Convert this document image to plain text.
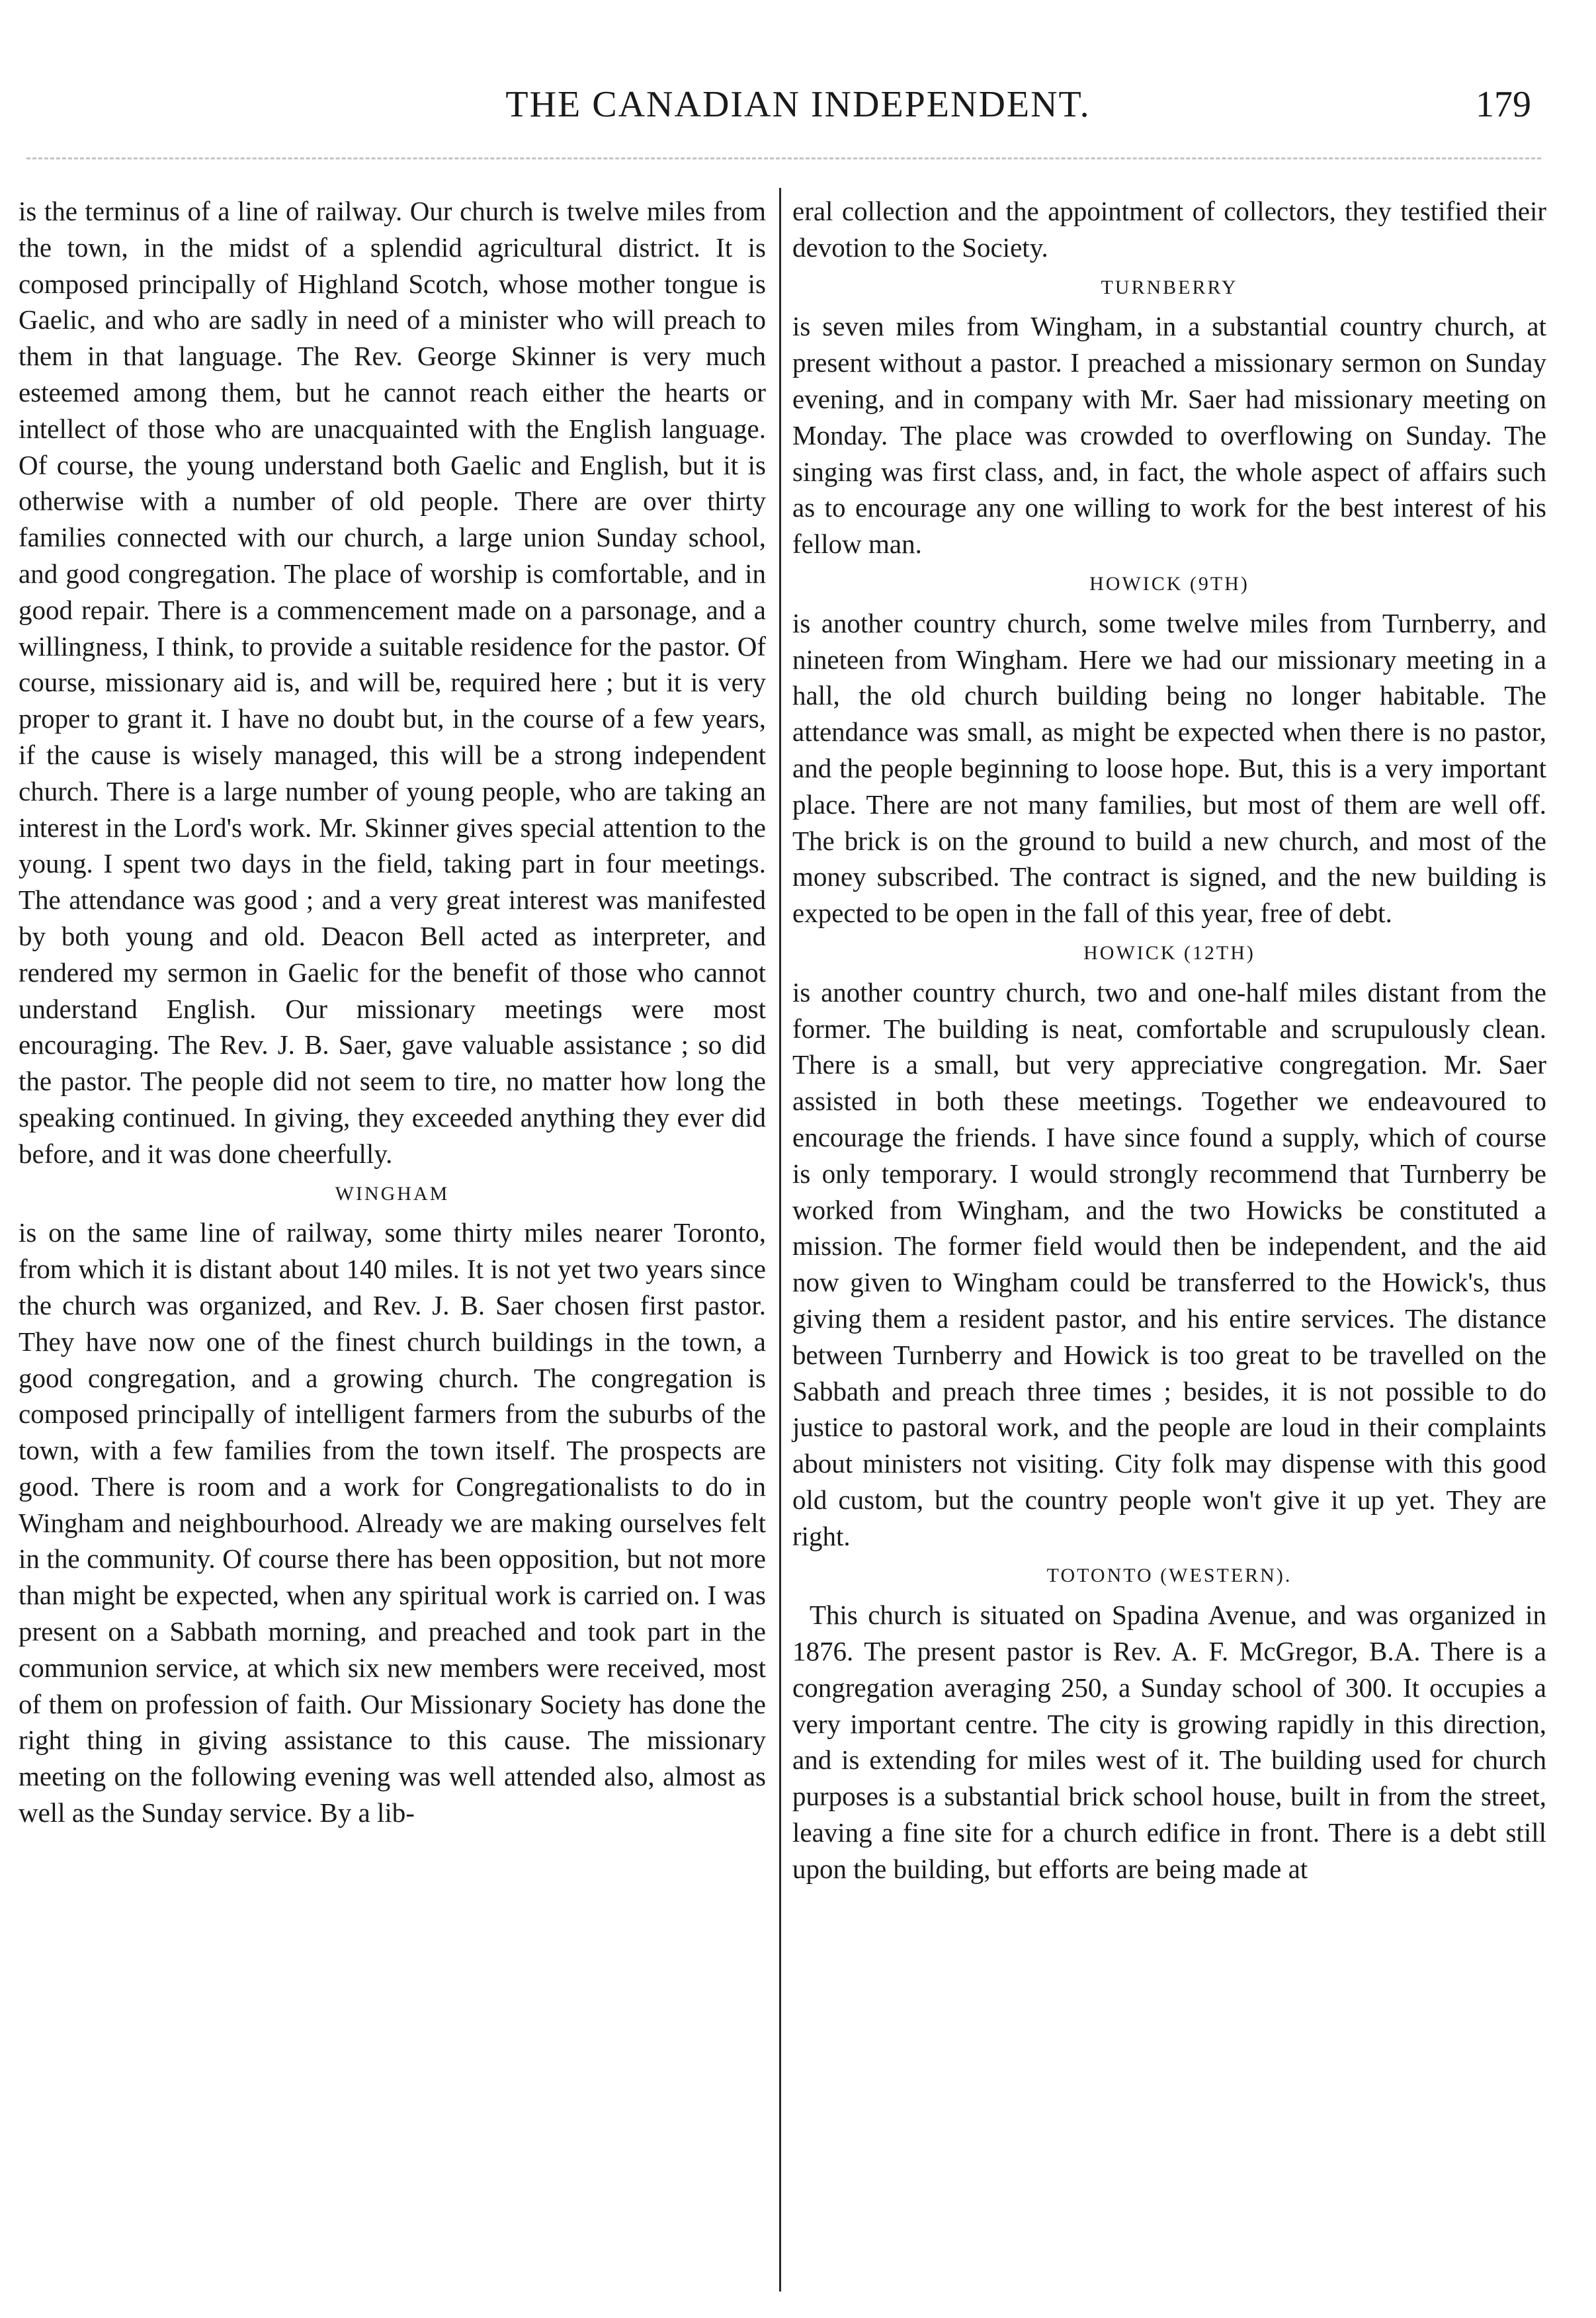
THE CANADIAN INDEPENDENT.	179

is the terminus of a line of railway. Our church is twelve miles from the town, in the midst of a splendid agricultural district. It is composed principally of Highland Scotch, whose mother tongue is Gaelic, and who are sadly in need of a minister who will preach to them in that language. The Rev. George Skinner is very much esteemed among them, but he cannot reach either the hearts or intellect of those who are unacquainted with the English language. Of course, the young understand both Gaelic and English, but it is otherwise with a number of old people. There are over thirty families connected with our church, a large union Sunday school, and good congregation. The place of worship is comfortable, and in good repair. There is a commencement made on a parsonage, and a willingness, I think, to provide a suitable residence for the pastor. Of course, missionary aid is, and will be, required here ; but it is very proper to grant it. I have no doubt but, in the course of a few years, if the cause is wisely managed, this will be a strong independent church. There is a large number of young people, who are taking an interest in the Lord's work. Mr. Skinner gives special attention to the young. I spent two days in the field, taking part in four meetings. The attendance was good ; and a very great interest was manifested by both young and old. Deacon Bell acted as interpreter, and rendered my sermon in Gaelic for the benefit of those who cannot understand English. Our missionary meetings were most encouraging. The Rev. J. B. Saer, gave valuable assistance ; so did the pastor. The people did not seem to tire, no matter how long the speaking continued. In giving, they exceeded anything they ever did before, and it was done cheerfully.

WINGHAM

is on the same line of railway, some thirty miles nearer Toronto, from which it is distant about 140 miles. It is not yet two years since the church was organized, and Rev. J. B. Saer chosen first pastor. They have now one of the finest church buildings in the town, a good congregation, and a growing church. The congregation is composed principally of intelligent farmers from the suburbs of the town, with a few families from the town itself. The prospects are good. There is room and a work for Congregationalists to do in Wingham and neighbourhood. Already we are making ourselves felt in the community. Of course there has been opposition, but not more than might be expected, when any spiritual work is carried on. I was present on a Sabbath morning, and preached and took part in the communion service, at which six new members were received, most of them on profession of faith. Our Missionary Society has done the right thing in giving assistance to this cause. The missionary meeting on the following evening was well attended also, almost as well as the Sunday service. By a lib-

eral collection and the appointment of collectors, they testified their devotion to the Society.

TURNBERRY

is seven miles from Wingham, in a substantial country church, at present without a pastor. I preached a missionary sermon on Sunday evening, and in company with Mr. Saer had missionary meeting on Monday. The place was crowded to overflowing on Sunday. The singing was first class, and, in fact, the whole aspect of affairs such as to encourage any one willing to work for the best interest of his fellow man.

HOWICK (9TH)

is another country church, some twelve miles from Turnberry, and nineteen from Wingham. Here we had our missionary meeting in a hall, the old church building being no longer habitable. The attendance was small, as might be expected when there is no pastor, and the people beginning to loose hope. But, this is a very important place. There are not many families, but most of them are well off. The brick is on the ground to build a new church, and most of the money subscribed. The contract is signed, and the new building is expected to be open in the fall of this year, free of debt.

HOWICK (12TH)

is another country church, two and one-half miles distant from the former. The building is neat, comfortable and scrupulously clean. There is a small, but very appreciative congregation. Mr. Saer assisted in both these meetings. Together we endeavoured to encourage the friends. I have since found a supply, which of course is only temporary. I would strongly recommend that Turnberry be worked from Wingham, and the two Howicks be constituted a mission. The former field would then be independent, and the aid now given to Wingham could be transferred to the Howick's, thus giving them a resident pastor, and his entire services. The distance between Turnberry and Howick is too great to be travelled on the Sabbath and preach three times ; besides, it is not possible to do justice to pastoral work, and the people are loud in their complaints about ministers not visiting. City folk may dispense with this good old custom, but the country people won't give it up yet. They are right.

TOTONTO (WESTERN).

This church is situated on Spadina Avenue, and was organized in 1876. The present pastor is Rev. A. F. McGregor, B.A. There is a congregation averaging 250, a Sunday school of 300. It occupies a very important centre. The city is growing rapidly in this direction, and is extending for miles west of it. The building used for church purposes is a substantial brick school house, built in from the street, leaving a fine site for a church edifice in front. There is a debt still upon the building, but efforts are being made at
